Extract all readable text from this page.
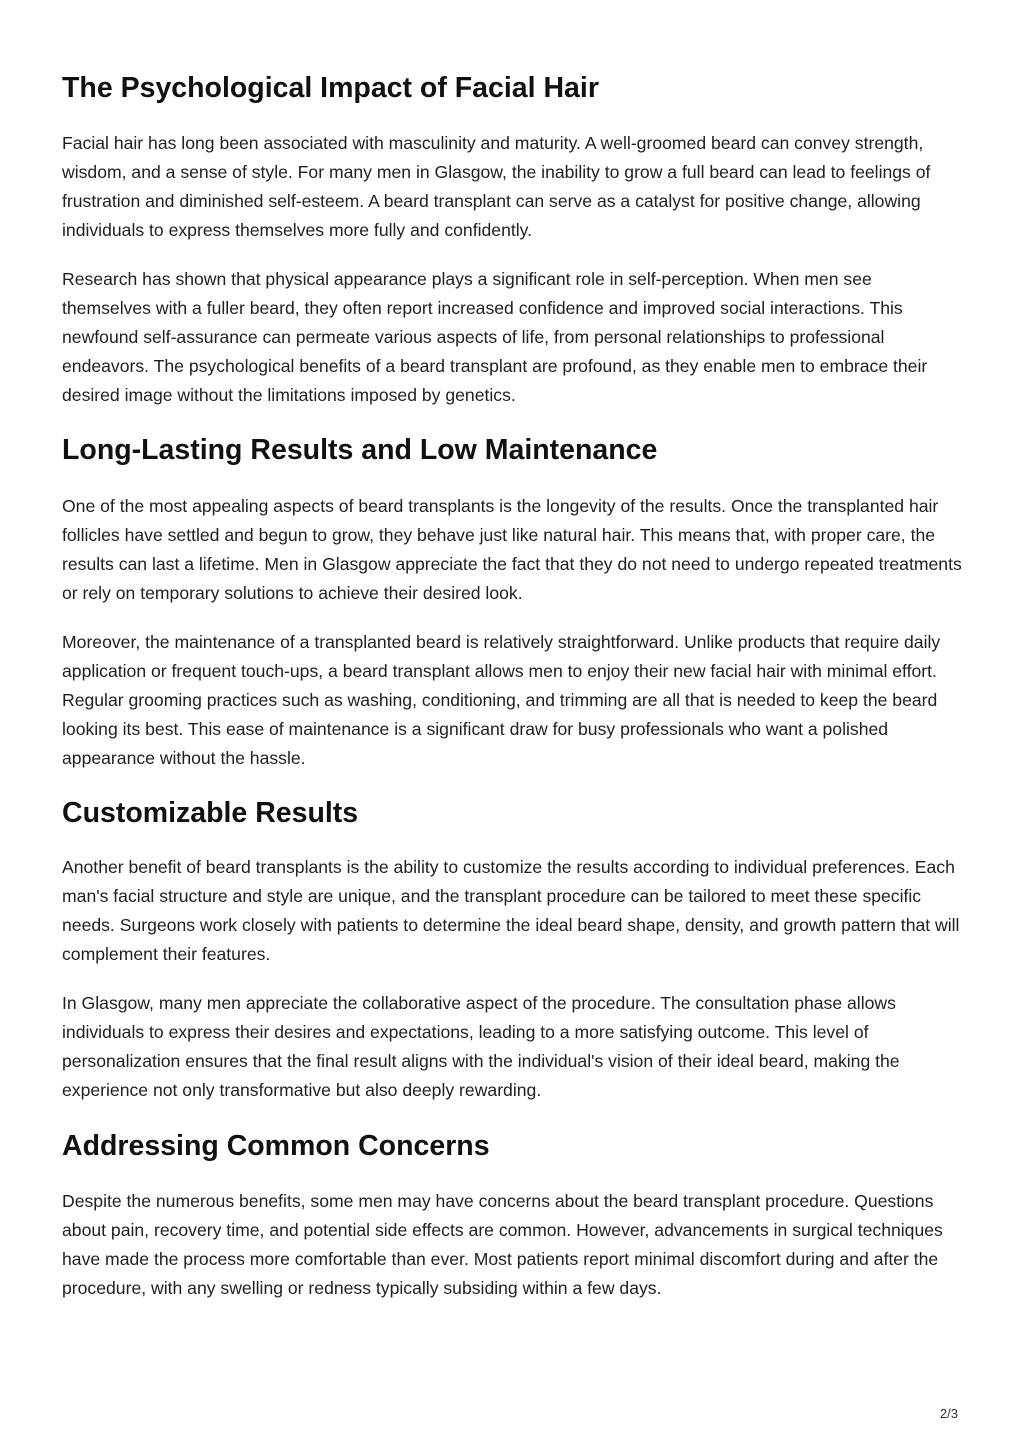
The Psychological Impact of Facial Hair

Facial hair has long been associated with masculinity and maturity. A well-groomed beard can convey strength, wisdom, and a sense of style. For many men in Glasgow, the inability to grow a full beard can lead to feelings of frustration and diminished self-esteem. A beard transplant can serve as a catalyst for positive change, allowing individuals to express themselves more fully and confidently.

Research has shown that physical appearance plays a significant role in self-perception. When men see themselves with a fuller beard, they often report increased confidence and improved social interactions. This newfound self-assurance can permeate various aspects of life, from personal relationships to professional endeavors. The psychological benefits of a beard transplant are profound, as they enable men to embrace their desired image without the limitations imposed by genetics.

Long-Lasting Results and Low Maintenance

One of the most appealing aspects of beard transplants is the longevity of the results. Once the transplanted hair follicles have settled and begun to grow, they behave just like natural hair. This means that, with proper care, the results can last a lifetime. Men in Glasgow appreciate the fact that they do not need to undergo repeated treatments or rely on temporary solutions to achieve their desired look.

Moreover, the maintenance of a transplanted beard is relatively straightforward. Unlike products that require daily application or frequent touch-ups, a beard transplant allows men to enjoy their new facial hair with minimal effort. Regular grooming practices such as washing, conditioning, and trimming are all that is needed to keep the beard looking its best. This ease of maintenance is a significant draw for busy professionals who want a polished appearance without the hassle.

Customizable Results

Another benefit of beard transplants is the ability to customize the results according to individual preferences. Each man's facial structure and style are unique, and the transplant procedure can be tailored to meet these specific needs. Surgeons work closely with patients to determine the ideal beard shape, density, and growth pattern that will complement their features.

In Glasgow, many men appreciate the collaborative aspect of the procedure. The consultation phase allows individuals to express their desires and expectations, leading to a more satisfying outcome. This level of personalization ensures that the final result aligns with the individual's vision of their ideal beard, making the experience not only transformative but also deeply rewarding.

Addressing Common Concerns

Despite the numerous benefits, some men may have concerns about the beard transplant procedure. Questions about pain, recovery time, and potential side effects are common. However, advancements in surgical techniques have made the process more comfortable than ever. Most patients report minimal discomfort during and after the procedure, with any swelling or redness typically subsiding within a few days.

2/3
